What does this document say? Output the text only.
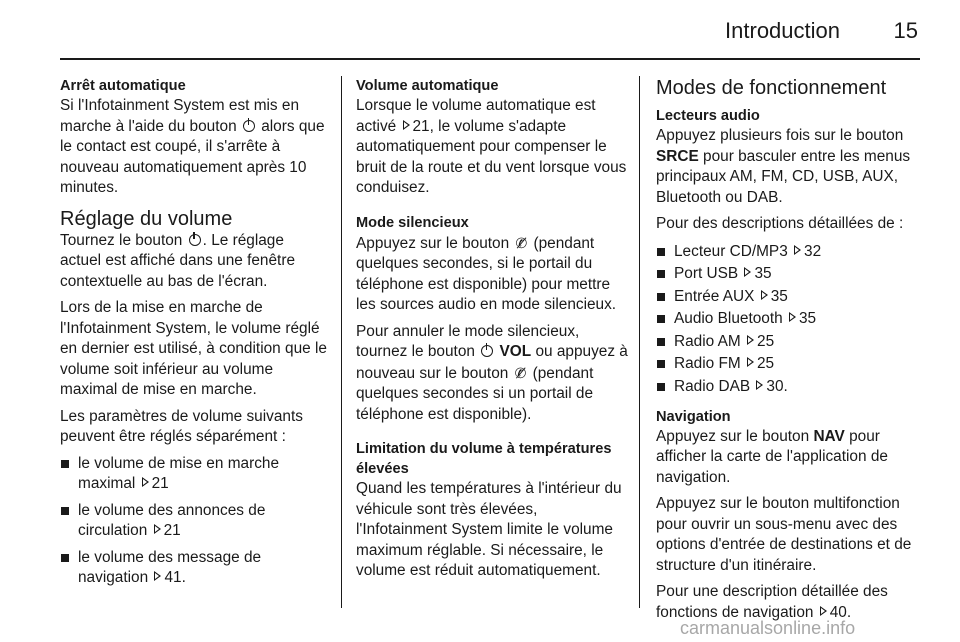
Introduction 15
Arrêt automatique

Si l'Infotainment System est mis en marche à l'aide du bouton alors que le contact est coupé, il s'arrête à nouveau automatiquement après 10 minutes.

Réglage du volume

Tournez le bouton . Le réglage actuel est affiché dans une fenêtre contextuelle au bas de l'écran.

Lors de la mise en marche de l'Infotainment System, le volume réglé en dernier est utilisé, à condition que le volume soit inférieur au volume maximal de mise en marche.

Les paramètres de volume suivants peuvent être réglés séparément :

le volume de mise en marche maximal 21
le volume des annonces de circulation 21
le volume des message de navigation 41.
Volume automatique

Lorsque le volume automatique est activé 21, le volume s'adapte automatiquement pour compenser le bruit de la route et du vent lorsque vous conduisez.

Mode silencieux

Appuyez sur le bouton ✆̸ (pendant quelques secondes, si le portail du téléphone est disponible) pour mettre les sources audio en mode silencieux.

Pour annuler le mode silencieux, tournez le bouton VOL ou appuyez à nouveau sur le bouton ✆̸ (pendant quelques secondes si un portail de téléphone est disponible).

Limitation du volume à températures élevées

Quand les températures à l'intérieur du véhicule sont très élevées, l'Infotainment System limite le volume maximum réglable. Si nécessaire, le volume est réduit automatiquement.

Modes de fonctionnement
Lecteurs audio

Appuyez plusieurs fois sur le bouton SRCE pour basculer entre les menus principaux AM, FM, CD, USB, AUX, Bluetooth ou DAB.

Pour des descriptions détaillées de :

Lecteur CD/MP3 32
Port USB 35
Entrée AUX 35
Audio Bluetooth 35
Radio AM 25
Radio FM 25
Radio DAB 30.
Navigation

Appuyez sur le bouton NAV pour afficher la carte de l'application de navigation.

Appuyez sur le bouton multifonction pour ouvrir un sous-menu avec des options d'entrée de destinations et de structure d'un itinéraire.

Pour une description détaillée des fonctions de navigation 40.

carmanualsonline.info
